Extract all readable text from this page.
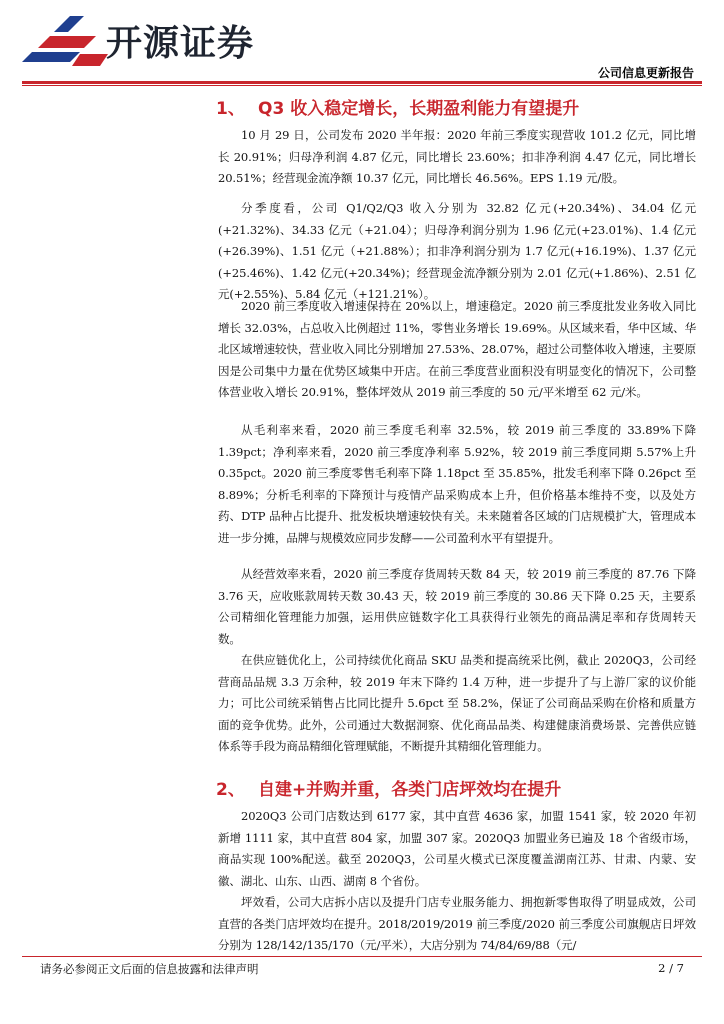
开源证券
公司信息更新报告
1、 Q3 收入稳定增长，长期盈利能力有望提升

10 月 29 日，公司发布 2020 半年报：2020 年前三季度实现营收 101.2 亿元，同比增长 20.91%；归母净利润 4.87 亿元，同比增长 23.60%；扣非净利润 4.47 亿元，同比增长 20.51%；经营现金流净额 10.37 亿元，同比增长 46.56%。EPS 1.19 元/股。

分季度看，公司 Q1/Q2/Q3 收入分别为 32.82 亿元(+20.34%)、34.04 亿元(+21.32%)、34.33 亿元（+21.04）；归母净利润分别为 1.96 亿元(+23.01%)、1.4 亿元(+26.39%)、1.51 亿元（+21.88%）；扣非净利润分别为 1.7 亿元(+16.19%)、1.37 亿元(+25.46%)、1.42 亿元(+20.34%)；经营现金流净额分别为 2.01 亿元(+1.86%)、2.51 亿元(+2.55%)、5.84 亿元（+121.21%）。

2020 前三季度收入增速保持在 20%以上，增速稳定。2020 前三季度批发业务收入同比增长 32.03%，占总收入比例超过 11%，零售业务增长 19.69%。从区域来看，华中区域、华北区域增速较快，营业收入同比分别增加 27.53%、28.07%，超过公司整体收入增速，主要原因是公司集中力量在优势区域集中开店。在前三季度营业面积没有明显变化的情况下，公司整体营业收入增长 20.91%，整体坪效从 2019 前三季度的 50 元/平米增至 62 元/米。

从毛利率来看，2020 前三季度毛利率 32.5%，较 2019 前三季度的 33.89%下降 1.39pct；净利率来看，2020 前三季度净利率 5.92%，较 2019 前三季度同期 5.57%上升 0.35pct。2020 前三季度零售毛利率下降 1.18pct 至 35.85%，批发毛利率下降 0.26pct 至 8.89%；分析毛利率的下降预计与疫情产品采购成本上升，但价格基本维持不变，以及处方药、DTP 品种占比提升、批发板块增速较快有关。未来随着各区域的门店规模扩大，管理成本进一步分摊，品牌与规模效应同步发酵——公司盈利水平有望提升。

从经营效率来看，2020 前三季度存货周转天数 84 天，较 2019 前三季度的 87.76 下降 3.76 天，应收账款周转天数 30.43 天，较 2019 前三季度的 30.86 天下降 0.25 天，主要系公司精细化管理能力加强，运用供应链数字化工具获得行业领先的商品满足率和存货周转天数。

在供应链优化上，公司持续优化商品 SKU 品类和提高统采比例，截止 2020Q3，公司经营商品品规 3.3 万余种，较 2019 年末下降约 1.4 万种，进一步提升了与上游厂家的议价能力；可比公司统采销售占比同比提升 5.6pct 至 58.2%，保证了公司商品采购在价格和质量方面的竞争优势。此外，公司通过大数据洞察、优化商品品类、构建健康消费场景、完善供应链体系等手段为商品精细化管理赋能，不断提升其精细化管理能力。

2、 自建+并购并重，各类门店坪效均在提升

2020Q3 公司门店数达到 6177 家，其中直营 4636 家，加盟 1541 家，较 2020 年初新增 1111 家，其中直营 804 家，加盟 307 家。2020Q3 加盟业务已遍及 18 个省级市场，商品实现 100%配送。截至 2020Q3，公司星火模式已深度覆盖湖南江苏、甘肃、内蒙、安徽、湖北、山东、山西、湖南 8 个省份。

坪效看，公司大店拆小店以及提升门店专业服务能力、拥抱新零售取得了明显成效，公司直营的各类门店坪效均在提升。2018/2019/2019 前三季度/2020 前三季度公司旗舰店日坪效分别为 128/142/135/170（元/平米），大店分别为 74/84/69/88（元/

请务必参阅正文后面的信息披露和法律声明	2 / 7
